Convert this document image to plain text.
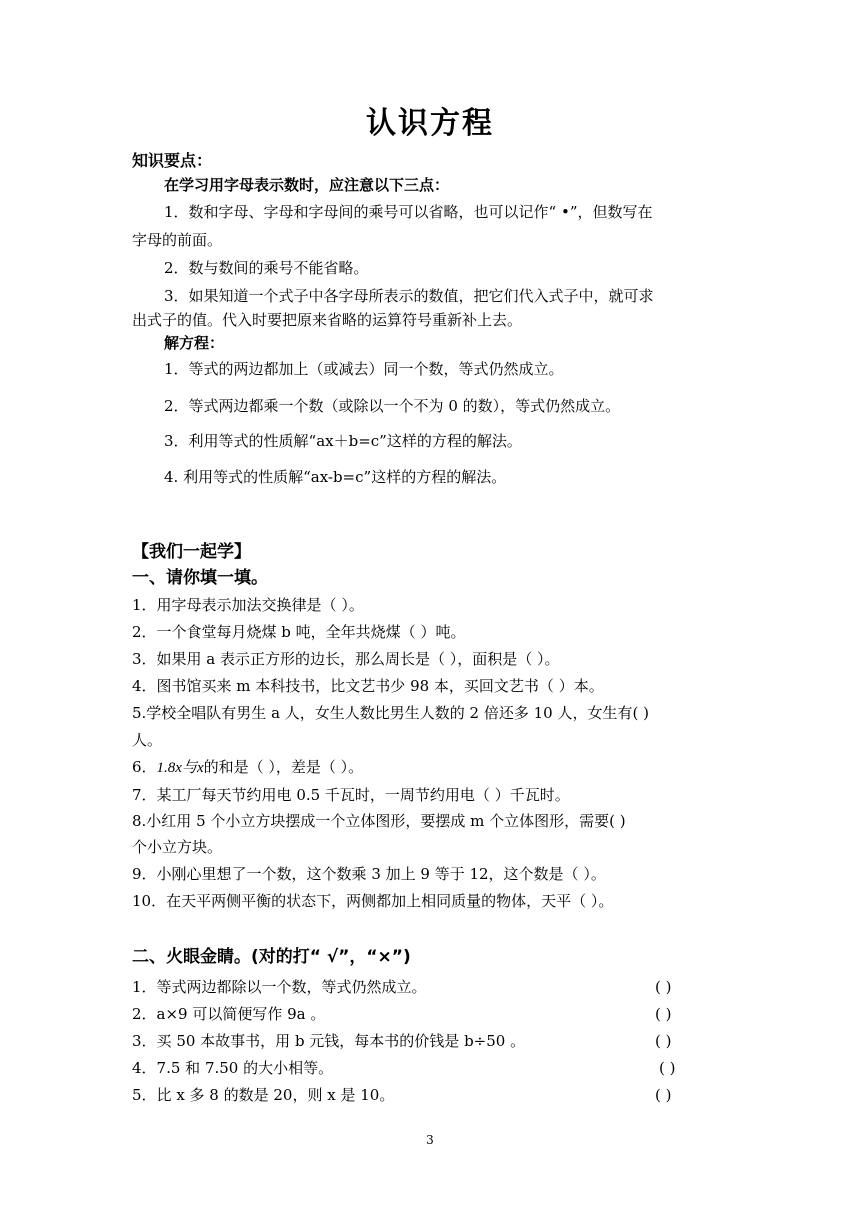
认识方程
知识要点：
在学习用字母表示数时，应注意以下三点：
1．数和字母、字母和字母间的乘号可以省略，也可以记作“ •”，但数写在
字母的前面。
2．数与数间的乘号不能省略。
3．如果知道一个式子中各字母所表示的数值，把它们代入式子中，就可求
出式子的值。代入时要把原来省略的运算符号重新补上去。
解方程：
1．等式的两边都加上（或减去）同一个数，等式仍然成立。
2．等式两边都乘一个数（或除以一个不为 0 的数），等式仍然成立。
3．利用等式的性质解“ax＋b=c”这样的方程的解法。
4. 利用等式的性质解“ax-b=c”这样的方程的解法。
【我们一起学】
一、请你填一填。
1．用字母表示加法交换律是（ ）。
2．一个食堂每月烧煤 b 吨，全年共烧煤（ ）吨。
3．如果用 a 表示正方形的边长，那么周长是（ ），面积是（ ）。
4．图书馆买来 m 本科技书，比文艺书少 98 本，买回文艺书（ ）本。
5.学校全唱队有男生 a 人，女生人数比男生人数的 2 倍还多 10 人，女生有( )
人。
6．1.8x与x的和是（ ），差是（ ）。
7．某工厂每天节约用电 0.5 千瓦时，一周节约用电（ ）千瓦时。
8.小红用 5 个小立方块摆成一个立体图形，要摆成 m 个立体图形，需要( )
个小立方块。
9．小刚心里想了一个数，这个数乘 3 加上 9 等于 12，这个数是（ ）。
10．在天平两侧平衡的状态下，两侧都加上相同质量的物体，天平（ ）。
二、火眼金睛。(对的打“ √”，“×”)
1．等式两边都除以一个数，等式仍然成立。	( )
2．a×9 可以简便写作 9a 。	( )
3．买 50 本故事书，用 b 元钱，每本书的价钱是 b÷50 。	( )
4．7.5 和 7.50 的大小相等。	( )
5．比 x 多 8 的数是 20，则 x 是 10。	( )
3
